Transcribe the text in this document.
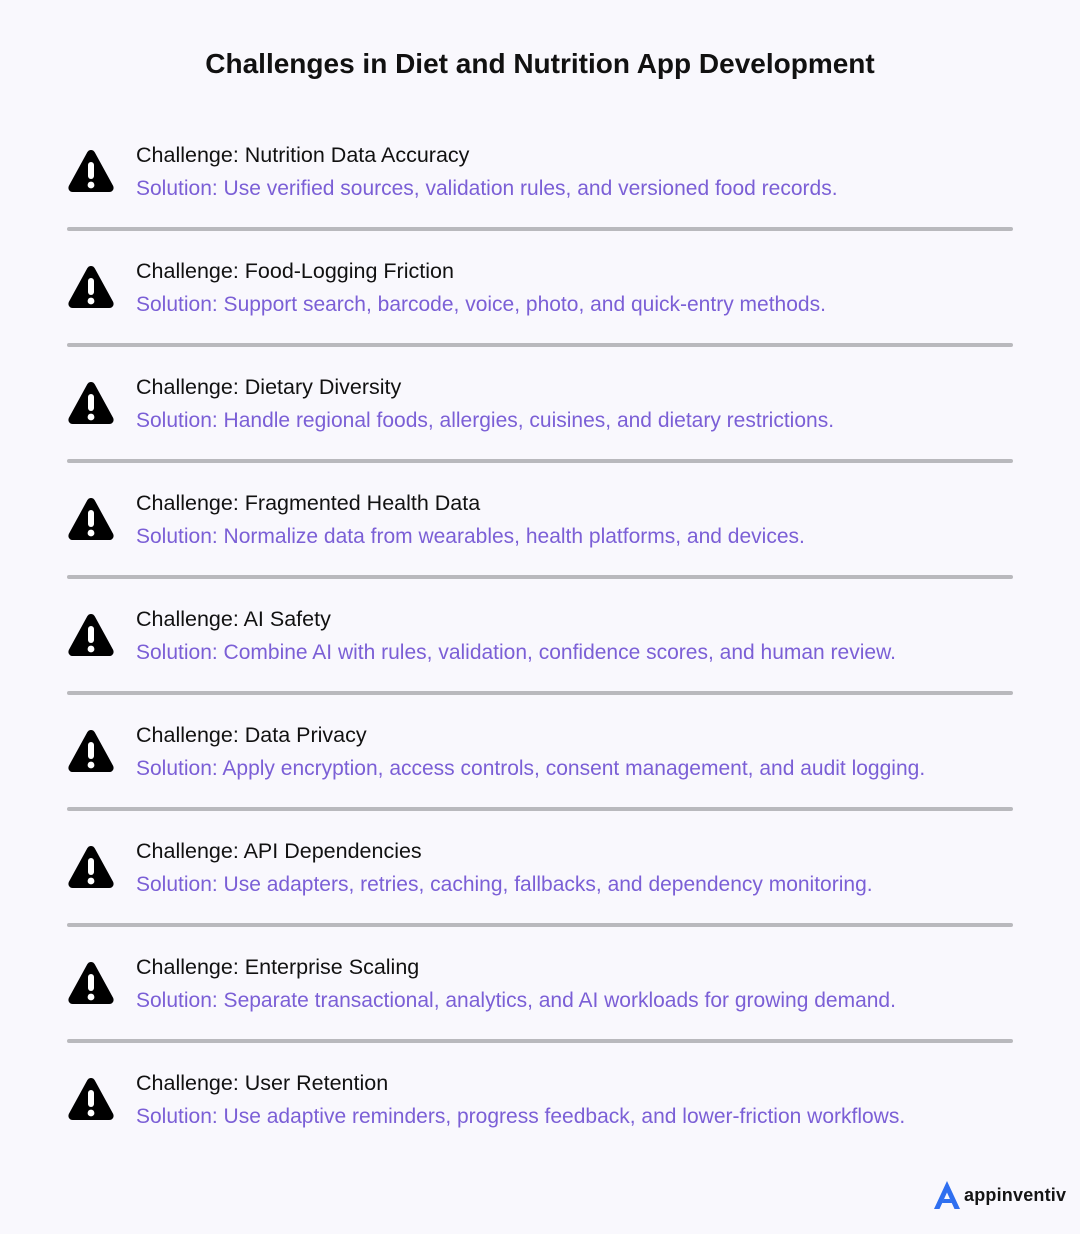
Challenges in Diet and Nutrition App Development
Challenge: Nutrition Data Accuracy
Solution: Use verified sources, validation rules, and versioned food records.
Challenge: Food-Logging Friction
Solution: Support search, barcode, voice, photo, and quick-entry methods.
Challenge: Dietary Diversity
Solution: Handle regional foods, allergies, cuisines, and dietary restrictions.
Challenge: Fragmented Health Data
Solution: Normalize data from wearables, health platforms, and devices.
Challenge: AI Safety
Solution: Combine AI with rules, validation, confidence scores, and human review.
Challenge: Data Privacy
Solution: Apply encryption, access controls, consent management, and audit logging.
Challenge: API Dependencies
Solution: Use adapters, retries, caching, fallbacks, and dependency monitoring.
Challenge: Enterprise Scaling
Solution: Separate transactional, analytics, and AI workloads for growing demand.
Challenge: User Retention
Solution: Use adaptive reminders, progress feedback, and lower-friction workflows.
appinventiv
